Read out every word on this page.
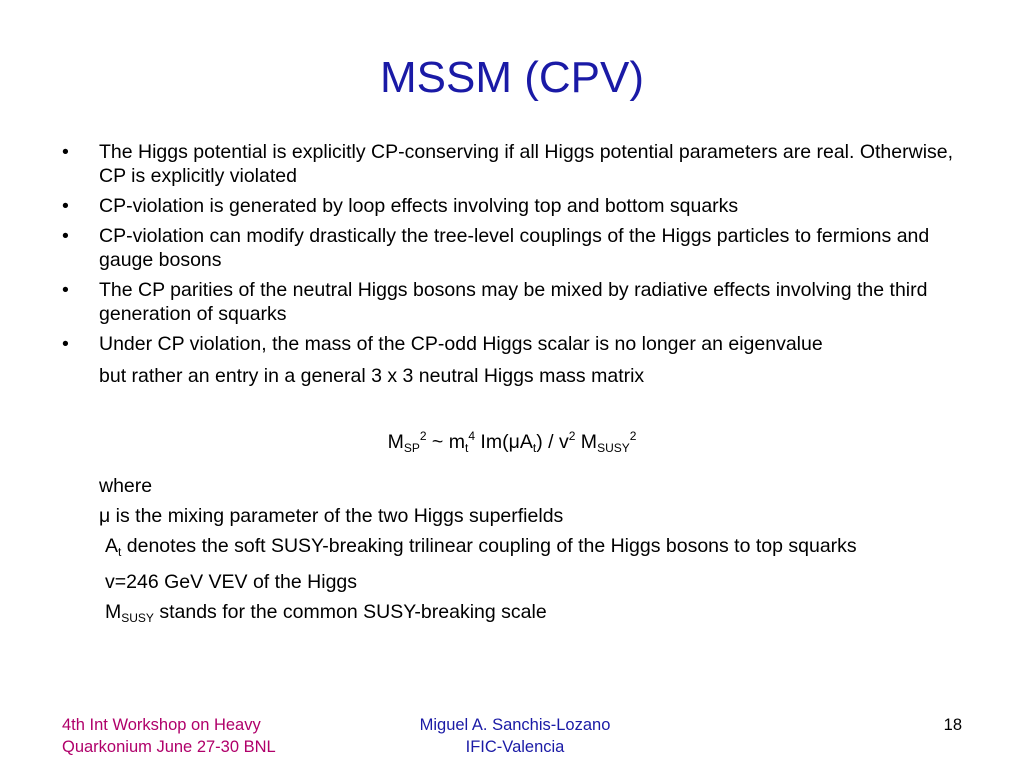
MSSM (CPV)
• The Higgs potential is explicitly CP-conserving if all Higgs potential parameters are real. Otherwise, CP is explicitly violated
• CP-violation is generated by loop effects involving top and bottom squarks
• CP-violation can modify drastically the tree-level couplings of the Higgs particles to fermions and gauge bosons
• The CP parities of the neutral Higgs bosons may be mixed by radiative effects involving the third generation of squarks
• Under CP violation, the mass of the CP-odd Higgs scalar is no longer an eigenvalue
but rather an entry in a general 3 x 3 neutral Higgs mass matrix
$M_{SP}^2$ ~ $m_t^4$ $Im(\mu A_t) / v^2$ $M_{SUSY}^2$
where
μ is the mixing parameter of the two Higgs superfields
$A_t$ denotes the soft SUSY-breaking trilinear coupling of the Higgs bosons to top squarks
v=246 GeV VEV of the Higgs
$M_{SUSY}$ stands for the common SUSY-breaking scale
4th Int Workshop on Heavy
Quarkonium June 27-30 BNL
Miguel A. Sanchis-Lozano
IFIC-Valencia
18
